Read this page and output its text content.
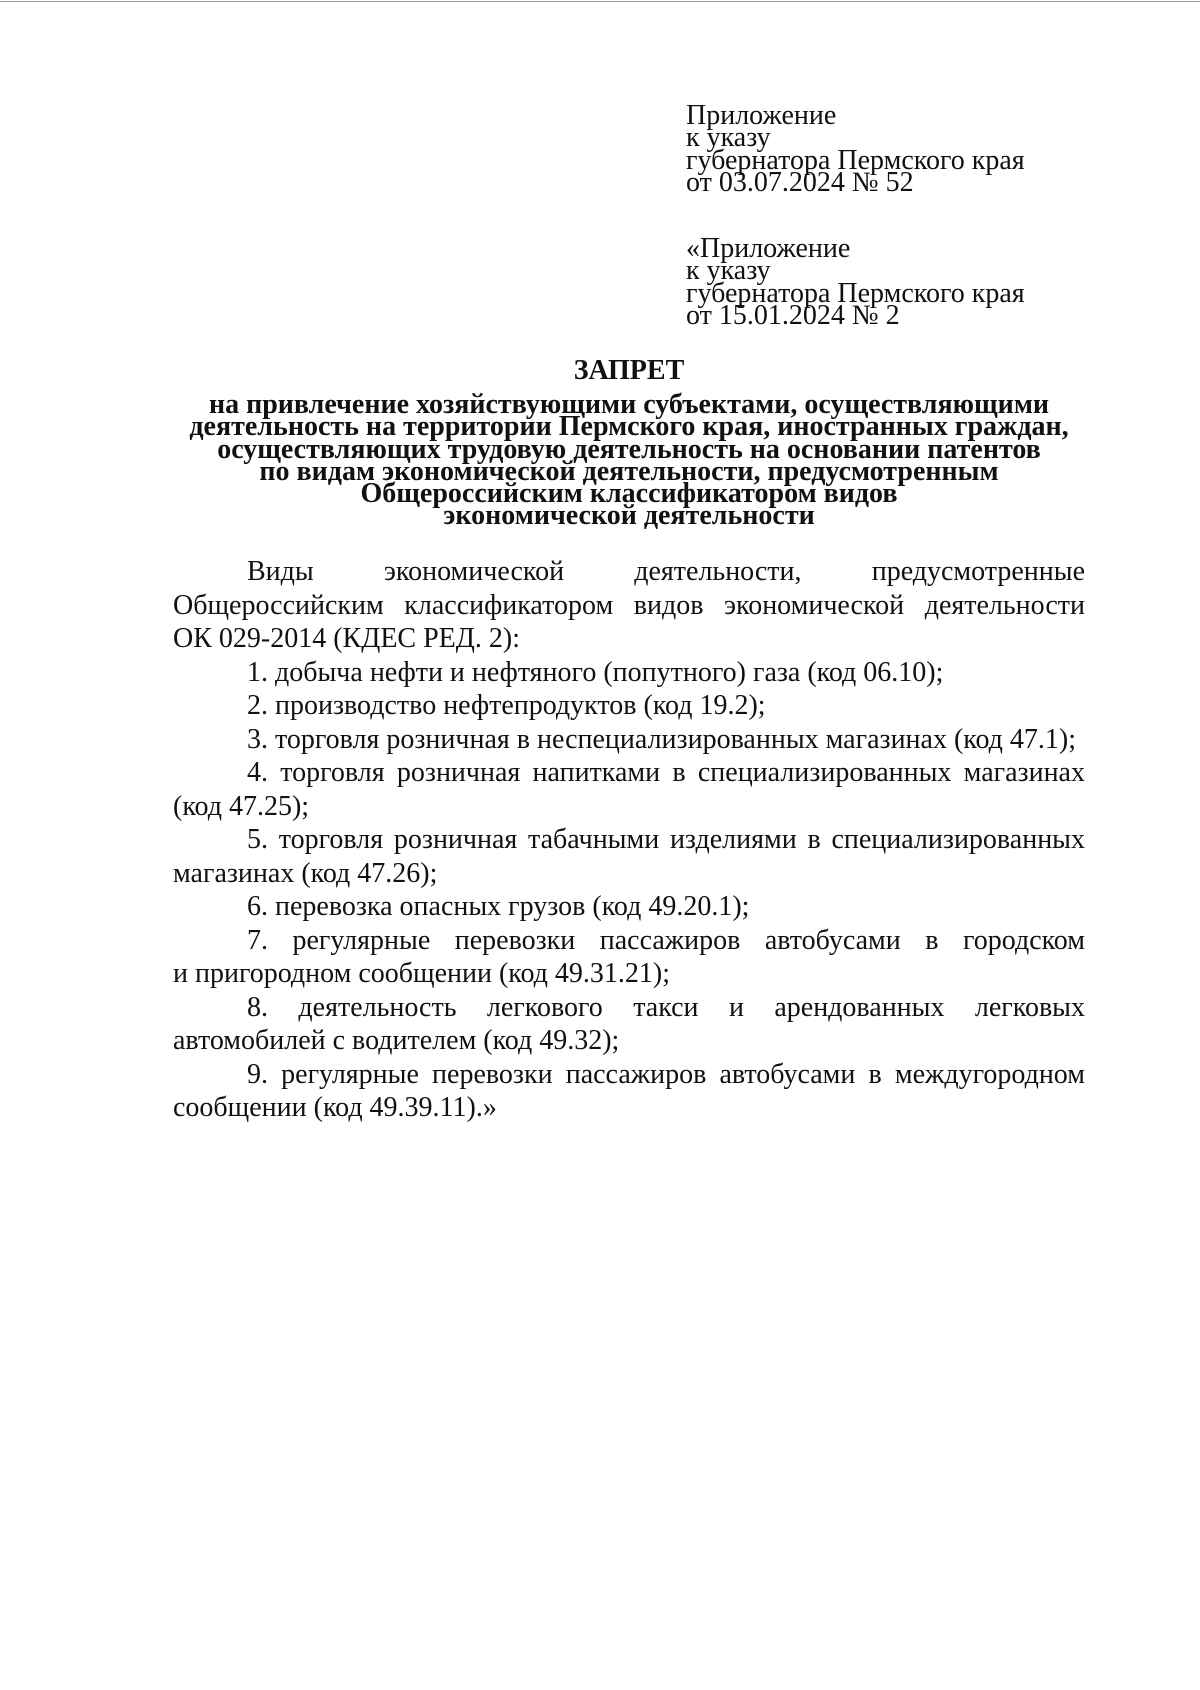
Приложение
к указу
губернатора Пермского края
от 03.07.2024 № 52
«Приложение
к указу
губернатора Пермского края
от 15.01.2024 № 2
ЗАПРЕТ
на привлечение хозяйствующими субъектами, осуществляющими
деятельность на территории Пермского края, иностранных граждан,
осуществляющих трудовую деятельность на основании патентов
по видам экономической деятельности, предусмотренным
Общероссийским классификатором видов
экономической деятельности
Виды экономической деятельности, предусмотренные
Общероссийским классификатором видов экономической деятельности
ОК 029-2014 (КДЕС РЕД. 2):
1. добыча нефти и нефтяного (попутного) газа (код 06.10);
2. производство нефтепродуктов (код 19.2);
3. торговля розничная в неспециализированных магазинах (код 47.1);
4. торговля розничная напитками в специализированных магазинах
(код 47.25);
5. торговля розничная табачными изделиями в специализированных
магазинах (код 47.26);
6. перевозка опасных грузов (код 49.20.1);
7. регулярные перевозки пассажиров автобусами в городском
и пригородном сообщении (код 49.31.21);
8. деятельность легкового такси и арендованных легковых
автомобилей с водителем (код 49.32);
9. регулярные перевозки пассажиров автобусами в междугородном
сообщении (код 49.39.11).»
